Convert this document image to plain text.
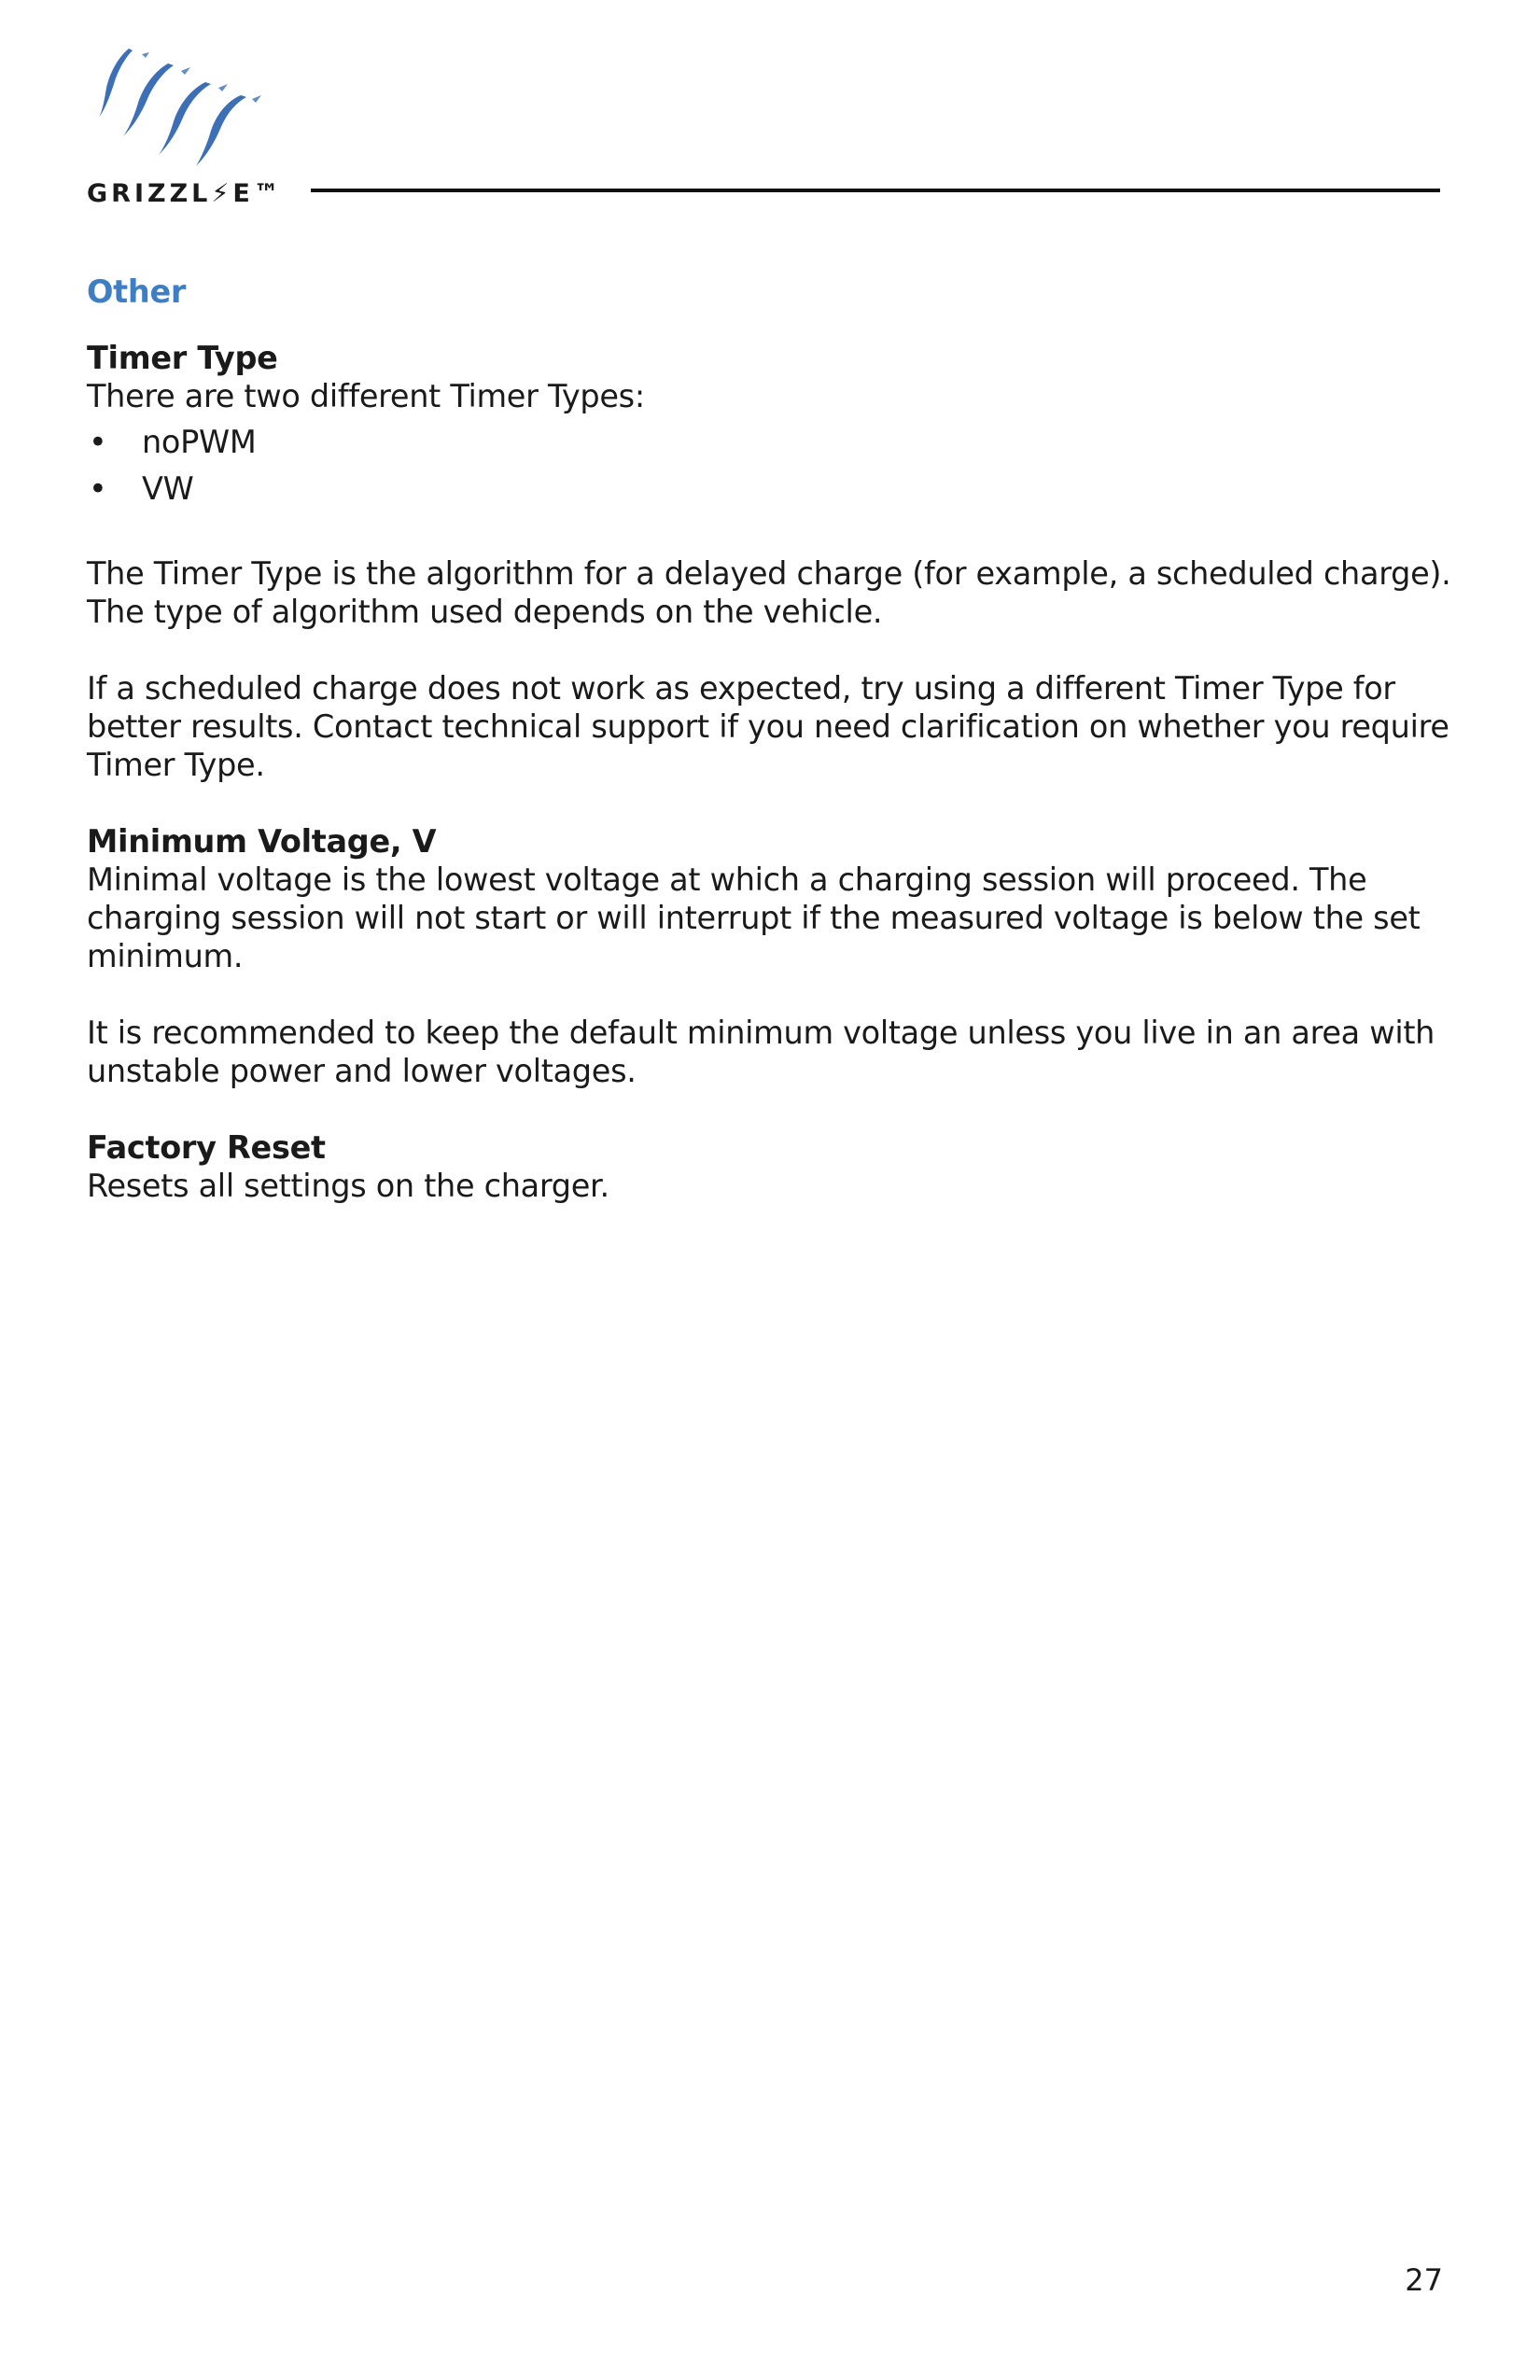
GRIZZL⚡E™
Other
Timer Type

There are two different Timer Types:

• noPWM
• VW

The Timer Type is the algorithm for a delayed charge (for example, a scheduled charge). The type of algorithm used depends on the vehicle.

If a scheduled charge does not work as expected, try using a different Timer Type for better results. Contact technical support if you need clarification on whether you require Timer Type.

Minimum Voltage, V

Minimal voltage is the lowest voltage at which a charging session will proceed. The charging session will not start or will interrupt if the measured voltage is below the set minimum.

It is recommended to keep the default minimum voltage unless you live in an area with unstable power and lower voltages.

Factory Reset

Resets all settings on the charger.

27
